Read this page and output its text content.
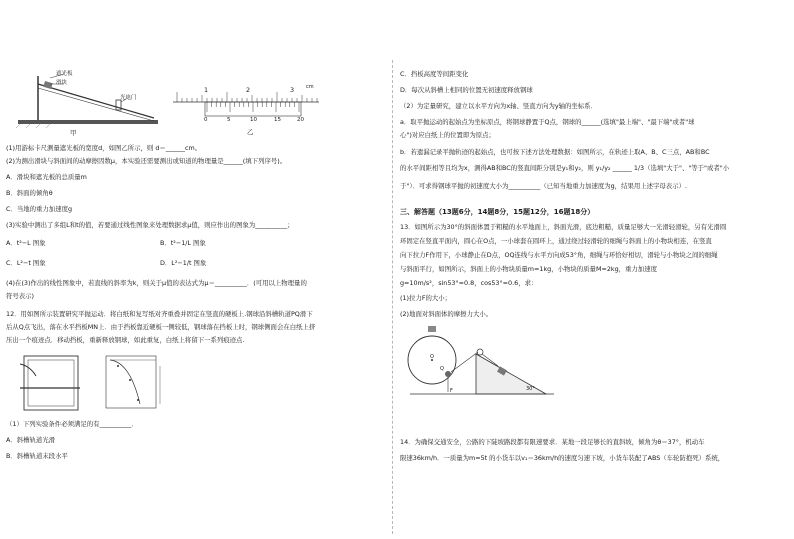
遮光板
滑块
光电门
甲
1	2	3 cm
0	5	10	15	20
乙

(1)用游标卡尺测量遮光板的宽度d，如图乙所示，则 d＝______cm。

(2)为测出滑块与斜面间的动摩擦因数μ，本实验还需要测出或知道的物理量是______(填下列序号)。

A．滑块和遮光板的总质量m

B．斜面的倾角θ

C．当地的重力加速度g

(3)实验中测出了多组L和t的值，若要通过线性图象来处理数据求μ值，则应作出的图象为__________；

A．t²−L 图象	B．t²−1/L 图象

C．L²−t 图象	D．L²−1/t 图象

(4)在(3)作出的线性图象中，若直线的斜率为k，则关于μ值的表达式为μ＝__________．(可用以上物理量的

符号表示)

12．用如图所示装置研究平抛运动．将白纸和复写纸对齐重叠并固定在竖直的硬板上.钢球沿斜槽轨道PQ滑下

后从Q点飞出，落在水平挡板MN上．由于挡板靠近硬板一侧较低，钢球落在挡板上时，钢球侧面会在白纸上挤

压出一个痕迹点．移动挡板，重新释放钢球，如此重复，白纸上将留下一系列痕迹点.

（1）下列实验条件必须满足的有__________．

A．斜槽轨道光滑

B．斜槽轨道末段水平

C．挡板高度等间距变化

D．每次从斜槽上相同的位置无初速度释放钢球

（2）为定量研究，建立以水平方向为x轴、竖直方向为y轴的坐标系．

a．取平抛运动的起始点为坐标原点，将钢球静置于Q点，钢球的______(选填"最上端"、"最下端"或者"球

心")对应白纸上的位置即为原点；

b．若遗漏记录平抛轨迹的起始点，也可按下述方法处理数据：如图所示，在轨迹上取A、B、C三点，AB和BC

的水平间距相等且均为x，测得AB和BC的竖直间距分别是y₁和y₂，则 y₁/y₂ ______ 1/3（选填"大于"、"等于"或者"小

于"）．可求得钢球平抛的初速度大小为__________（已知当地重力加速度为g，结果用上述字母表示）.

三、解答题（13题6分，14题8分，15题12分，16题18分）

13．如图所示为30°的斜面体置于粗糙的水平地面上，斜面光滑，底边粗糙，质量足够大一光滑轻滑轮，另有光滑圆

环固定在竖直平面内，圆心在O点，一小球套在圆环上，通过绕过轻滑轮的细绳与斜面上的小物块相连，在竖直

向下拉力F作用下，小球静止在D点，OQ连线与水平方向成53°角，细绳与环恰好相切，滑轮与小物块之间的细绳

与斜面平行，如图所示，斜面上的小物块质量m=1kg，小物块的质量M=2kg，重力加速度

g=10m/s²，sin53°=0.8，cos53°=0.6，求：

(1)拉力F的大小；

(2)地面对斜面体的摩擦力大小。

O
Q
F	30°

14．为确保交通安全，公路的下陡坡路段都有限速要求．某地一段足够长的直斜坡，倾角为θ＝37°，机动车

限速36km/h．一质量为m=5t 的小货车以v₁＝36km/h的速度匀速下坡，小货车装配了ABS（车轮防抱死）系统，
